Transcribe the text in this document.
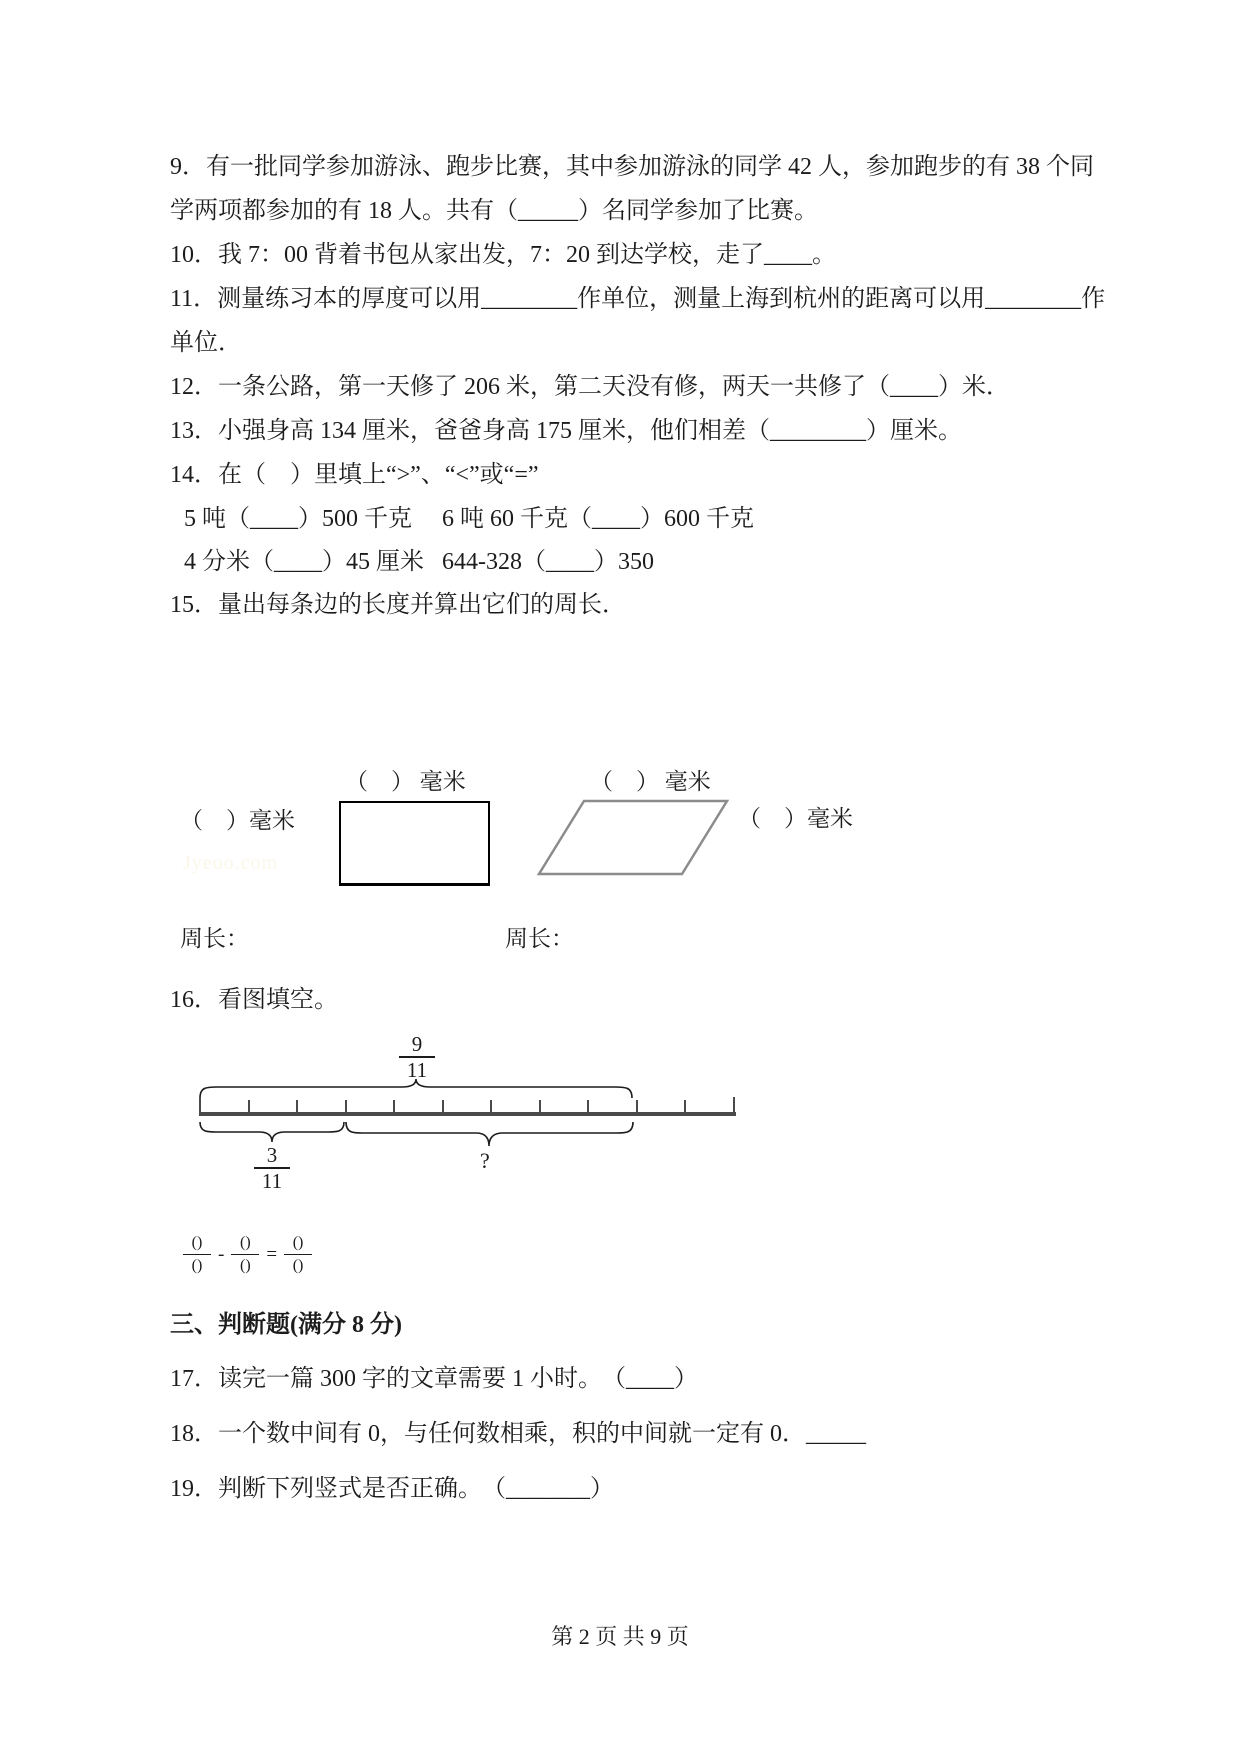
9．有一批同学参加游泳、跑步比赛，其中参加游泳的同学 42 人，参加跑步的有 38 个同
学两项都参加的有 18 人。共有（_____）名同学参加了比赛。
10．我 7：00 背着书包从家出发，7：20 到达学校，走了____。
11．测量练习本的厚度可以用________作单位，测量上海到杭州的距离可以用________作
单位．
12．一条公路，第一天修了 206 米，第二天没有修，两天一共修了（____）米．
13．小强身高 134 厘米，爸爸身高 175 厘米，他们相差（________）厘米。
14．在（　）里填上“>”、“<”或“=”
5 吨（____）500 千克 6 吨 60 千克（____）600 千克
4 分米（____）45 厘米 644-328（____）350
15．量出每条边的长度并算出它们的周长．
（　） 毫米	（　） 毫米
（　）毫米	（　）毫米
Jyeoo.com
周长：	周长：
16．看图填空。
$\frac{9}{11}$
$\frac{3}{11}$	?
()
()
-
()
()
=
()
()
三、判断题(满分 8 分)
17．读完一篇 300 字的文章需要 1 小时。　（____）
18．一个数中间有 0，与任何数相乘，积的中间就一定有 0．_____
19．判断下列竖式是否正确。　（_______）
第 2 页 共 9 页
